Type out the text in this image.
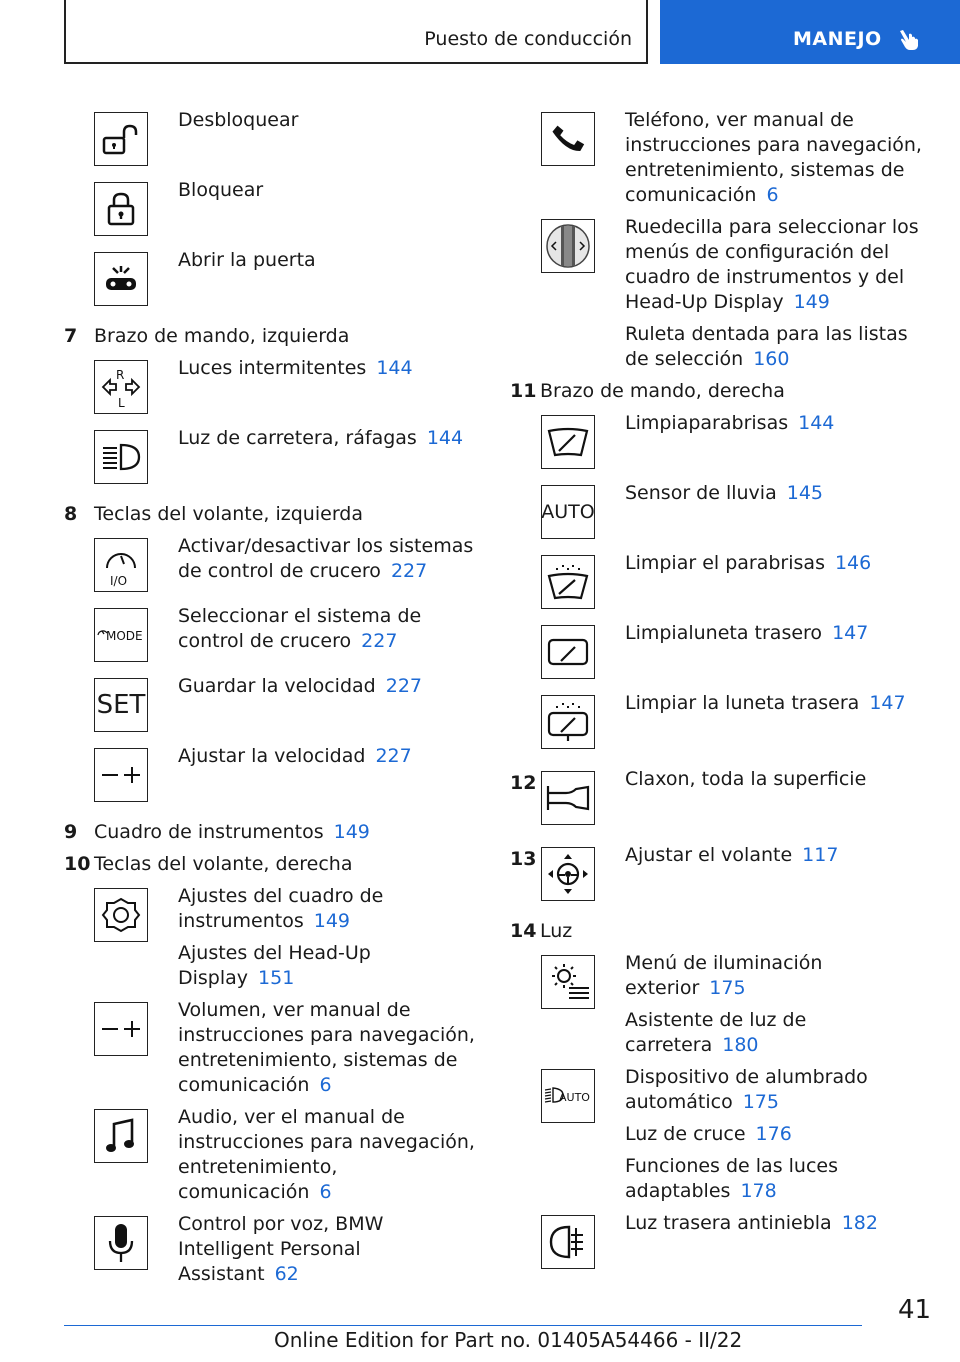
Puesto de conducción	MANEJO
Desbloquear
Bloquear
Abrir la puerta
7 Brazo de mando, izquierda
R
L
Luces intermitentes 144
Luz de carretera, ráfagas 144
8 Teclas del volante, izquierda
I/O
Activar/desactivar los sistemas de control de crucero 227
MODE
Seleccionar el sistema de control de crucero 227
SET
Guardar la velocidad 227
Ajustar la velocidad 227
9 Cuadro de instrumentos 149
10 Teclas del volante, derecha
Ajustes del cuadro de instrumentos 149
Ajustes del Head-Up Display 151
Volumen, ver manual de instrucciones para navegación, entretenimiento, sistemas de comunicación 6
Audio, ver el manual de instrucciones para navegación, entretenimiento, comunicación 6
Control por voz, BMW Intelligent Personal Assistant 62
Teléfono, ver manual de instrucciones para navegación, entretenimiento, sistemas de comunicación 6
Ruedecilla para seleccionar los menús de configuración del cuadro de instrumentos y del Head-Up Display 149
Ruleta dentada para las listas de selección 160
11 Brazo de mando, derecha
Limpiaparabrisas 144
AUTO
Sensor de lluvia 145
Limpiar el parabrisas 146
Limpialuneta trasero 147
Limpiar la luneta trasera 147
12	Claxon, toda la superficie
13	Ajustar el volante 117
14 Luz
Menú de iluminación exterior 175
Asistente de luz de carretera 180
AUTO
Dispositivo de alumbrado automático 175
Luz de cruce 176
Funciones de las luces adaptables 178
Luz trasera antiniebla 182
41
Online Edition for Part no. 01405A54466 - II/22
